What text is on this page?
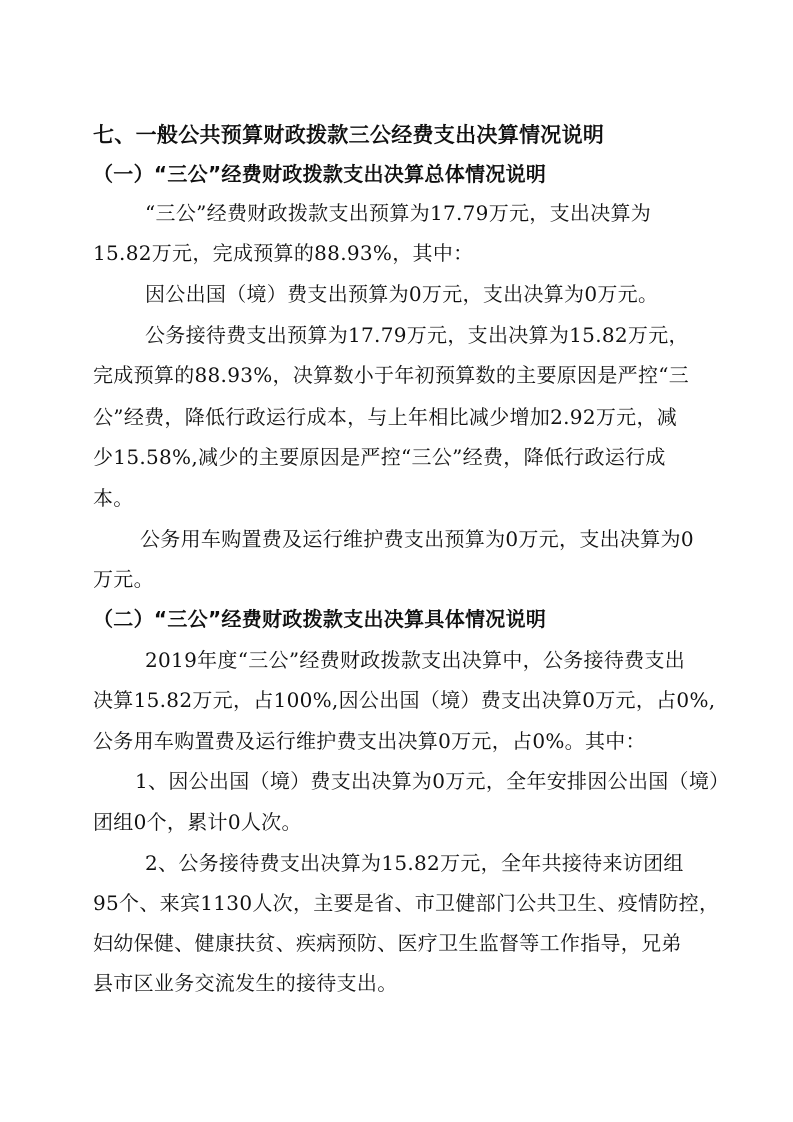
七、一般公共预算财政拨款三公经费支出决算情况说明
（一）“三公”经费财政拨款支出决算总体情况说明
“三公”经费财政拨款支出预算为17.79万元，支出决算为
15.82万元，完成预算的88.93%，其中：
因公出国（境）费支出预算为0万元，支出决算为0万元。
公务接待费支出预算为17.79万元，支出决算为15.82万元，
完成预算的88.93%，决算数小于年初预算数的主要原因是严控“三
公”经费，降低行政运行成本，与上年相比减少增加2.92万元，减
少15.58%,减少的主要原因是严控“三公”经费，降低行政运行成
本。
公务用车购置费及运行维护费支出预算为0万元，支出决算为0
万元。
（二）“三公”经费财政拨款支出决算具体情况说明
2019年度“三公”经费财政拨款支出决算中，公务接待费支出
决算15.82万元，占100%,因公出国（境）费支出决算0万元，占0%,
公务用车购置费及运行维护费支出决算0万元，占0%。其中：
1、因公出国（境）费支出决算为0万元，全年安排因公出国（境）
团组0个，累计0人次。
2、公务接待费支出决算为15.82万元，全年共接待来访团组
95个、来宾1130人次，主要是省、市卫健部门公共卫生、疫情防控，
妇幼保健、健康扶贫、疾病预防、医疗卫生监督等工作指导，兄弟
县市区业务交流发生的接待支出。
